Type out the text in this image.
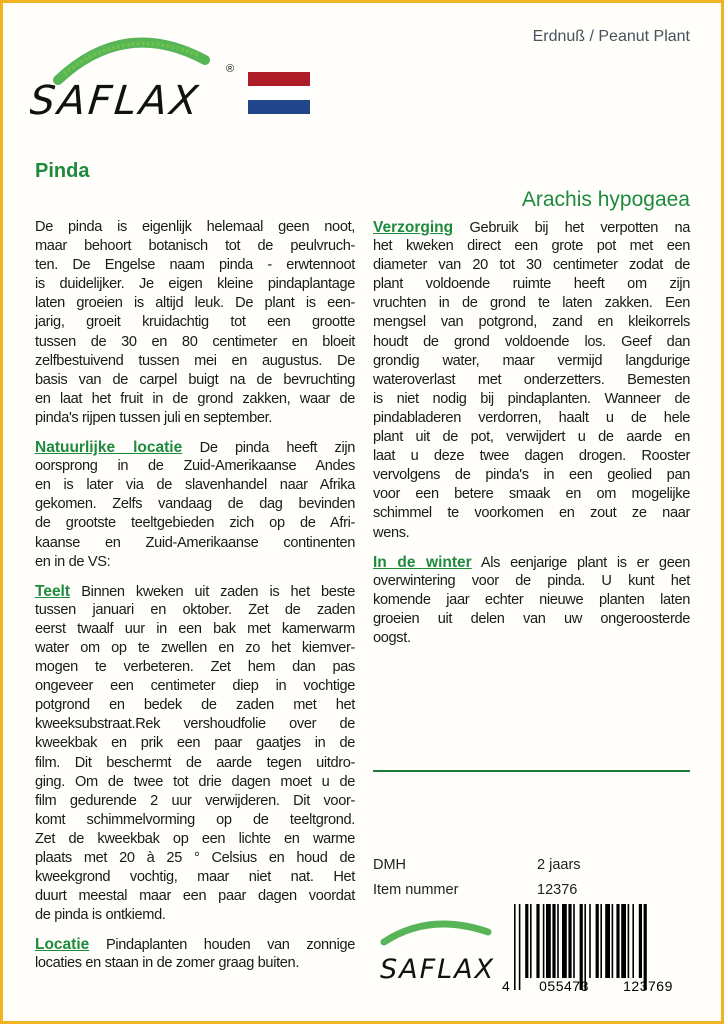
SAFLAX
®
Erdnuß / Peanut Plant
Pinda
Arachis hypogaea
De pinda is eigenlijk helemaal geen noot,
maar behoort botanisch tot de peulvruch-
ten. De Engelse naam pinda - erwtennoot
is duidelijker. Je eigen kleine pindaplantage
laten groeien is altijd leuk. De plant is een-
jarig, groeit kruidachtig tot een grootte
tussen de 30 en 80 centimeter en bloeit
zelfbestuivend tussen mei en augustus. De
basis van de carpel buigt na de bevruchting
en laat het fruit in de grond zakken, waar de
pinda's rijpen tussen juli en september.
Natuurlijke locatie De pinda heeft zijn
oorsprong in de Zuid-Amerikaanse Andes
en is later via de slavenhandel naar Afrika
gekomen. Zelfs vandaag de dag bevinden
de grootste teeltgebieden zich op de Afri-
kaanse en Zuid-Amerikaanse continenten
en in de VS:
Teelt Binnen kweken uit zaden is het beste
tussen januari en oktober. Zet de zaden
eerst twaalf uur in een bak met kamerwarm
water om op te zwellen en zo het kiemver-
mogen te verbeteren. Zet hem dan pas
ongeveer een centimeter diep in vochtige
potgrond en bedek de zaden met het
kweeksubstraat.Rek vershoudfolie over de
kweekbak en prik een paar gaatjes in de
film. Dit beschermt de aarde tegen uitdro-
ging. Om de twee tot drie dagen moet u de
film gedurende 2 uur verwijderen. Dit voor-
komt schimmelvorming op de teeltgrond.
Zet de kweekbak op een lichte en warme
plaats met 20 à 25 ° Celsius en houd de
kweekgrond vochtig, maar niet nat. Het
duurt meestal maar een paar dagen voordat
de pinda is ontkiemd.
Locatie Pindaplanten houden van zonnige
locaties en staan in de zomer graag buiten.
Verzorging Gebruik bij het verpotten na
het kweken direct een grote pot met een
diameter van 20 tot 30 centimeter zodat de
plant voldoende ruimte heeft om zijn
vruchten in de grond te laten zakken. Een
mengsel van potgrond, zand en kleikorrels
houdt de grond voldoende los. Geef dan
grondig water, maar vermijd langdurige
wateroverlast met onderzetters. Bemesten
is niet nodig bij pindaplanten. Wanneer de
pindabladeren verdorren, haalt u de hele
plant uit de pot, verwijdert u de aarde en
laat u deze twee dagen drogen. Rooster
vervolgens de pinda's in een geolied pan
voor een betere smaak en om mogelijke
schimmel te voorkomen en zout ze naar
wens.
In de winter Als eenjarige plant is er geen
overwintering voor de pinda. U kunt het
komende jaar echter nieuwe planten laten
groeien uit delen van uw ongeroosterde
oogst.
DMH	2 jaars
Item nummer	12376
SAFLAX
4 055473 123769
